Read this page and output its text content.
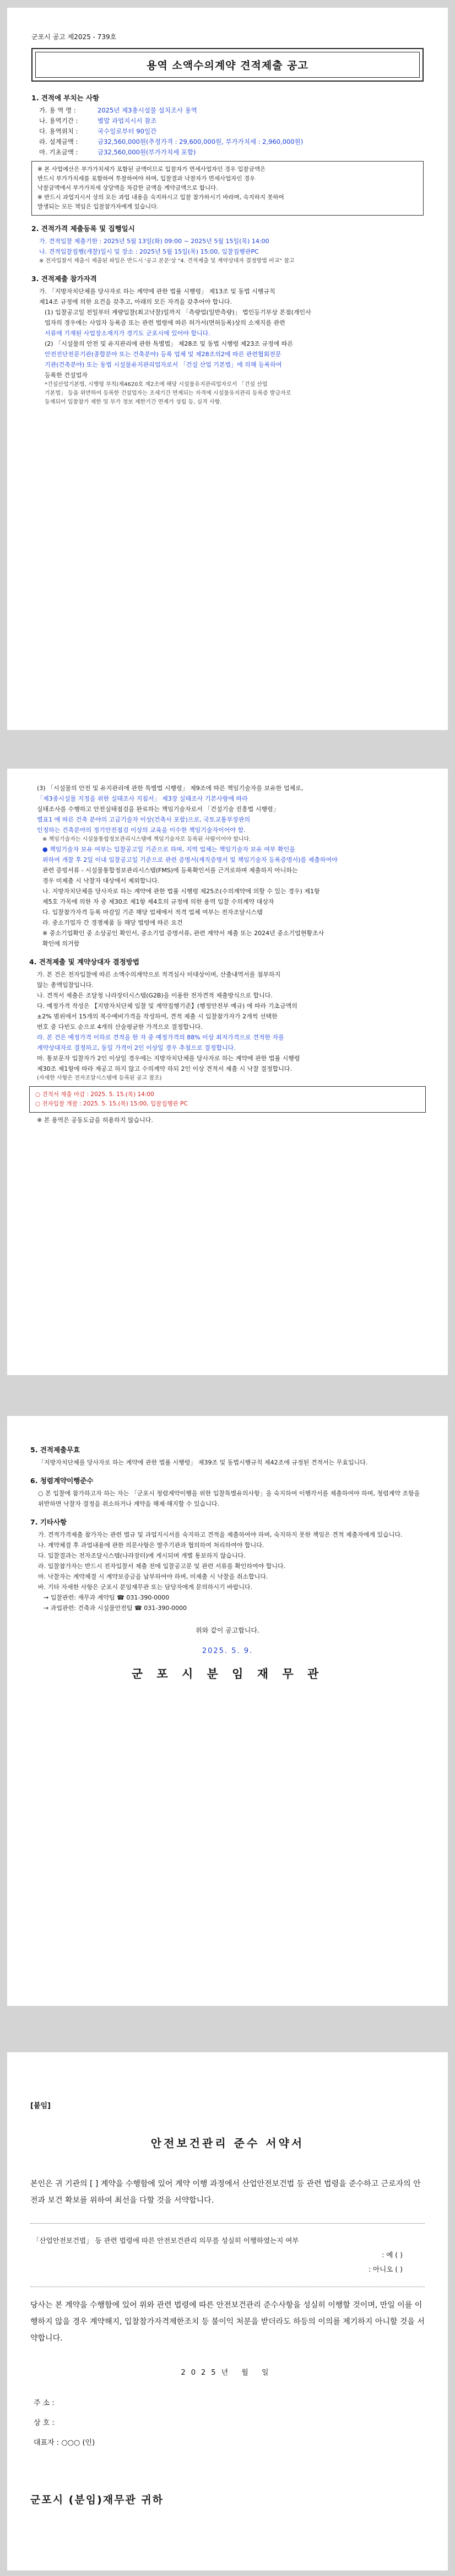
군포시 공고 제2025 - 739호
용역 소액수의계약 견적제출 공고
1. 견적에 부치는 사항
가. 용 역 명 :	2025년 제3총시설물 설치조사 용역
나. 용역기간 :	별말 과업지시서 참조
다. 용역위치 :	국수일로부터 90일간
라. 설계금액 :	금32,560,000원(추정가격 : 29,600,000원, 부가가치세 : 2,960,000원)
마. 기초금액 :	금32,560,000원(부가가치세 포함)
※ 본 사업예산은 부가가치세가 포함된 금액이므로 입찰자가 면세사업자인 경우 입찰금액은
반드시 부가가치세를 포함하여 투찰하여야 하며, 입찰결과 낙찰자가 면세사업자인 경우
낙찰금액에서 부가가치세 상당액을 차감한 금액을 계약금액으로 합니다.
※ 반드시 과업지시서 상의 모든 과업 내용을 숙지하시고 입찰 참가하시기 바라며, 숙지하지 못하여
발생되는 모든 책임은 입찰참가자에게 있습니다.
2. 견적가격 제출등록 및 집행일시

가. 견적입찰 제출기한 : 2025년 5월 13일(화) 09:00 ~ 2025년 5월 15일(목) 14:00

나. 견적입찰집행(개찰)일시 및 장소 : 2025년 5월 15일(목) 15:00, 입찰집행관PC

※ 전자입찰서 제출시 제출된 파일은 반드시 '공고 본문'상 "4. 견적제출 및 계약상대자 결정방법 비교" 참고

3. 견적제출 참가자격

가. 「지방자치단체를 당사자로 하는 계약에 관한 법률 시행령」 제13조 및 동법 시행규칙

제14조 규정에 의한 요건을 갖추고, 아래의 모든 자격을 갖추어야 합니다.

(1) 입찰공고일 전일부터 계량입찰(최고낙찰)일까지 「측량업(일반측량)」 법인등기부상 본점(개인사

업자의 경우에는 사업자 등록증 또는 관련 법령에 따른 허가서(면허등록)상의 소재지를 관련

서류에 기재된 사업장소재지가 경기도 군포시에 있어야 합니다.

(2) 「시설물의 안전 및 유지관리에 관한 특별법」 제28조 및 동법 시행령 제23조 규정에 따른

안전진단전문기관(종합분야 또는 건축분야) 등록 업체 및 제28조의2에 따른 관련협회전문

기관(건축분야) 또는 동법 시설물유지관리업자로서 「건설 산업 기본법」에 의해 등록하여

등록한 건설업자

*건설산업기본법, 시행령 부칙(제4620호 제2조에 해당 시설물유지관리업자로서 「건설 산업

기본법」 등을 위반하여 등록한 건설업자는 조세기간 면제되는 자격에 시설물유지관리 등록증 발급자로

등재되어 입찰참가 제한 및 부가 정보 제한기간 면제가 성립 등, 실격 사항.

(3) 「시설물의 안전 및 유지관리에 관한 특별법 시행령」 제9조에 따른 책임기술자를 보유한 업체로,

「제3종시설물 지정을 위한 실태조사 지침서」 제3장 실태조사 기본사항에 따라

실태조사를 수행하고 안전실태점검을 완료하는 책임기술자로서 「건설기술 진흥법 시행령」

별표1 에 따른 건축 분야의 고급기술자 이상(건축사 포함)으로, 국토교통부장관의

인정하는 건축분야의 정기안전점검 이상의 교육을 이수한 책임기술자이어야 함.

※ 책임기술자는 시설물통합정보관리시스템에 책임기술자로 등록된 사람이어야 합니다.

● 책임기술자 보유 여부는 입찰공고일 기준으로 하며, 지역 업체는 책임기술자 보유 여부 확인을

위하여 개찰 후 2일 이내 입찰공고일 기준으로 관련 증명서(재직증명서 및 책임기술자 등록증명서)를 제출하여야

관련 증빙서류 - 시설물통합정보관리시스템(FMS)에 등록확인서를 근거로하며 제출하지 아니하는

경우 미제출 시 낙찰자 대상에서 제외합니다.

나. 지방자치단체를 당사자로 하는 계약에 관한 법률 시행령 제25조(수의계약에 의할 수 있는 경우) 제1항

제5호 가목에 의한 자 중 제30조 제1항 제4호의 규정에 의한 용역 입찰 수의계약 대상자

다. 입찰참가자격 등록 마감일 기준 해당 업체에서 적격 업체 여부는 전자조달시스템

라. 중소기업자 간 경쟁제품 등 해당 법령에 따른 요건

※ 중소기업확인 중 소상공인 확인서, 중소기업 증명서류, 관련 계약서 제출 또는 2024년 중소기업현황조사

확인에 의거함

4. 견적제출 및 계약상대자 결정방법

가. 본 건은 전자입찰에 따른 소액수의계약으로 적격심사 미대상이며, 산출내역서를 첨부하지

않는 총액입찰입니다.

나. 견적서 제출은 조달청 나라장터시스템(G2B)을 이용한 전자견적 제출방식으로 합니다.

다. 예정가격 작성은 【지방자치단체 입찰 및 계약집행기준】(행정안전부 예규) 에 따라 기초금액의

±2% 범위에서 15개의 복수예비가격을 작성하여, 견적 제출 시 입찰참가자가 2개씩 선택한

번호 중 다빈도 순으로 4개의 산술평균한 가격으로 결정합니다.

라. 본 건은 예정가격 이하로 견적을 한 자 중 예정가격의 88% 이상 최저가격으로 견적한 자를

계약상대자로 결정하고, 동일 가격이 2인 이상일 경우 추첨으로 결정합니다.

마. 통보문자 입찰자가 2인 이상일 경우에는 지방자치단체를 당사자로 하는 계약에 관한 법률 시행령

제30조 제1항에 따라 재공고 하지 않고 수의계약 하되 2인 이상 견적서 제출 시 낙찰 결정합니다.

(자세한 사항은 전자조달시스템에 등록된 공고 참조)

○ 견적서 제출 마감 : 2025. 5. 15.(목) 14:00
○ 전자입찰 개찰 : 2025. 5. 15.(목) 15:00, 입찰집행관 PC

※ 본 용역은 공동도급을 허용하지 않습니다.

5. 견적제출무효

「지방자치단체를 당사자로 하는 계약에 관한 법률 시행령」 제39조 및 동법시행규칙 제42조에 규정된 견적서는 무효입니다.

6. 청렴계약이행준수

○ 본 입찰에 참가하고자 하는 자는 「군포시 청렴계약이행을 위한 입찰특별유의사항」을 숙지하여 이행각서를 제출하여야 하며, 청렴계약 조항을 위반하면 낙찰자 결정을 취소하거나 계약을 해제·해지할 수 있습니다.

7. 기타사항

가. 견적가격제출 참가자는 관련 법규 및 과업지시서를 숙지하고 견적을 제출하여야 하며, 숙지하지 못한 책임은 견적 제출자에게 있습니다.

나. 계약체결 후 과업내용에 관한 의문사항은 발주기관과 협의하여 처리하여야 합니다.

다. 입찰결과는 전자조달시스템(나라장터)에 게시되며 개별 통보하지 않습니다.

라. 입찰참가자는 반드시 전자입찰서 제출 전에 입찰공고문 및 관련 서류를 확인하여야 합니다.

마. 낙찰자는 계약체결 시 계약보증금을 납부하여야 하며, 미제출 시 낙찰을 취소합니다.

바. 기타 자세한 사항은 군포시 분임재무관 또는 담당자에게 문의하시기 바랍니다.

→ 입찰관련: 재무과 계약팀 ☎ 031-390-0000

→ 과업관련: 건축과 시설물안전팀 ☎ 031-390-0000

위와 같이 공고합니다.
2025. 5. 9.
군 포 시 분 임 재 무 관
[붙임]
안전보건관리 준수 서약서

본인은 귀 기관의 [ ] 계약을 수행함에 있어 계약 이행 과정에서 산업안전보건법 등 관련 법령을 준수하고 근로자의 안전과 보건 확보를 위하여 최선을 다할 것을 서약합니다.

「산업안전보건법」 등 관련 법령에 따른 안전보건관리 의무를 성실히 이행하였는지 여부

: 예 ( )

: 아니오 ( )

당사는 본 계약을 수행함에 있어 위와 관련 법령에 따른 안전보건관리 준수사항을 성실히 이행할 것이며, 만일 이를 이행하지 않을 경우 계약해지, 입찰참가자격제한조치 등 불이익 처분을 받더라도 하등의 이의를 제기하지 아니할 것을 서약합니다.

2025년 월 일
주 소 :
상 호 :
대표자 : ○○○ (인)
군포시 (분임)재무관 귀하
